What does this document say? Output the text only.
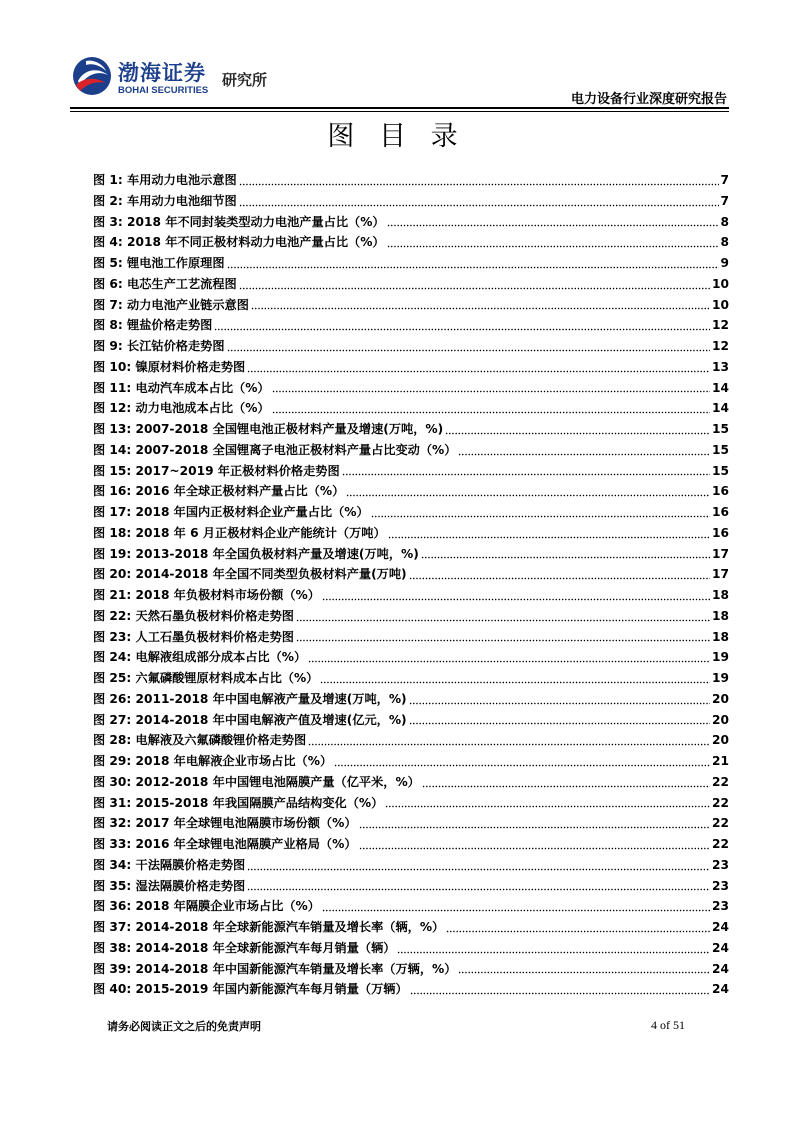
渤海证券
BOHAI SECURITIES
研究所
电力设备行业深度研究报告
图 目 录
图 1: 车用动力电池示意图	7
图 2: 车用动力电池细节图	7
图 3: 2018 年不同封装类型动力电池产量占比（%）	8
图 4: 2018 年不同正极材料动力电池产量占比（%）	8
图 5: 锂电池工作原理图	9
图 6: 电芯生产工艺流程图	10
图 7: 动力电池产业链示意图	10
图 8: 锂盐价格走势图	12
图 9: 长江钴价格走势图	12
图 10: 镍原材料价格走势图	13
图 11: 电动汽车成本占比（%）	14
图 12: 动力电池成本占比（%）	14
图 13: 2007-2018 全国锂电池正极材料产量及增速(万吨，%)	15
图 14: 2007-2018 全国锂离子电池正极材料产量占比变动（%）	15
图 15: 2017~2019 年正极材料价格走势图	15
图 16: 2016 年全球正极材料产量占比（%）	16
图 17: 2018 年国内正极材料企业产量占比（%）	16
图 18: 2018 年 6 月正极材料企业产能统计（万吨）	16
图 19: 2013-2018 年全国负极材料产量及增速(万吨，%)	17
图 20: 2014-2018 年全国不同类型负极材料产量(万吨)	17
图 21: 2018 年负极材料市场份额（%）	18
图 22: 天然石墨负极材料价格走势图	18
图 23: 人工石墨负极材料价格走势图	18
图 24: 电解液组成部分成本占比（%）	19
图 25: 六氟磷酸锂原材料成本占比（%）	19
图 26: 2011-2018 年中国电解液产量及增速(万吨，%)	20
图 27: 2014-2018 年中国电解液产值及增速(亿元，%)	20
图 28: 电解液及六氟磷酸锂价格走势图	20
图 29: 2018 年电解液企业市场占比（%）	21
图 30: 2012-2018 年中国锂电池隔膜产量（亿平米，%）	22
图 31: 2015-2018 年我国隔膜产品结构变化（%）	22
图 32: 2017 年全球锂电池隔膜市场份额（%）	22
图 33: 2016 年全球锂电池隔膜产业格局（%）	22
图 34: 干法隔膜价格走势图	23
图 35: 湿法隔膜价格走势图	23
图 36: 2018 年隔膜企业市场占比（%）	23
图 37: 2014-2018 年全球新能源汽车销量及增长率（辆，%）	24
图 38: 2014-2018 年全球新能源汽车每月销量（辆）	24
图 39: 2014-2018 年中国新能源汽车销量及增长率（万辆，%）	24
图 40: 2015-2019 年国内新能源汽车每月销量（万辆）	24
请务必阅读正文之后的免责声明	4 of 51
